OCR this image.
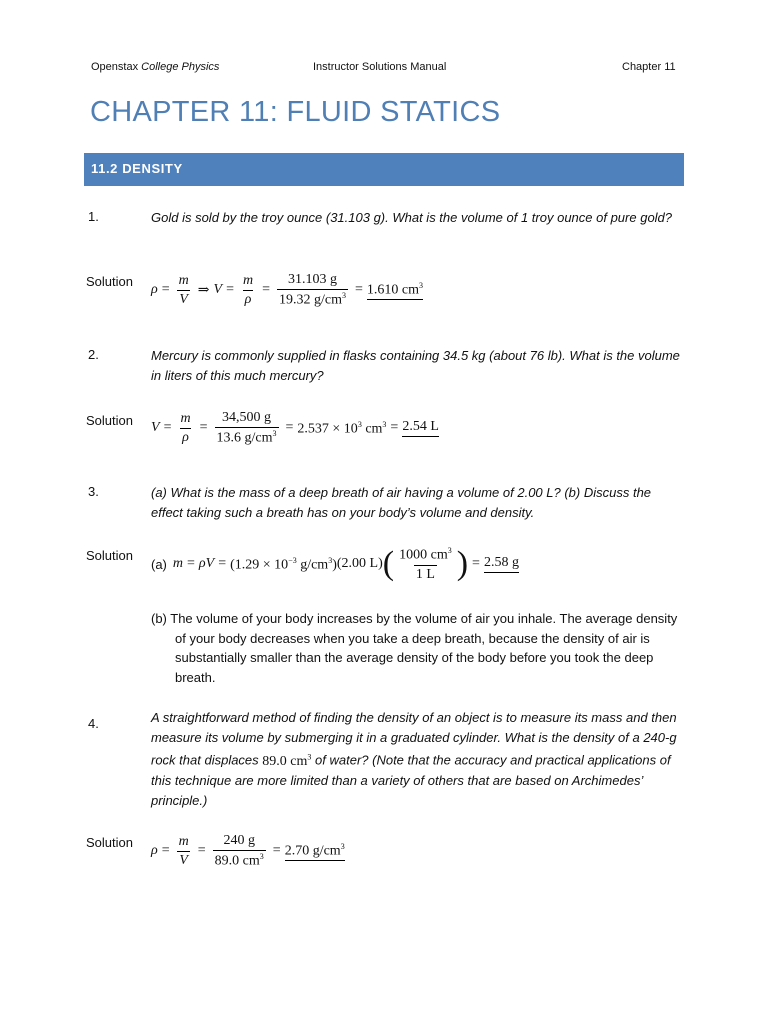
Openstax College Physics	Instructor Solutions Manual	Chapter 11
CHAPTER 11: FLUID STATICS
11.2 DENSITY
1.	Gold is sold by the troy ounce (31.103 g). What is the volume of 1 troy ounce of pure gold?
Solution
$\rho = \frac{m}{V}$ ⇒ $V = \frac{m}{\rho} = \frac{31.103 g}{19.32 g/cm^3} = 1.610$ $cm^3$
2.	Mercury is commonly supplied in flasks containing 34.5 kg (about 76 lb). What is the volume in liters of this much mercury?
Solution $V = \frac{m}{\rho} = \frac{34,500 g}{13.6 g/cm^3} = 2.537 \times 10^3$ $cm^3 = 2.54$ L
3.	(a) What is the mass of a deep breath of air having a volume of 2.00 L? (b) Discuss the effect taking such a breath has on your body’s volume and density.
Solution
(a) $m = \rho V = (1.29 \times 10^{-3}$ $g/cm^3$) (2.00 L) ( $\frac{1000 cm^3}{1 L}$ ) = 2.58 g
(b) The volume of your body increases by the volume of air you inhale. The average density of your body decreases when you take a deep breath, because the density of air is substantially smaller than the average density of the body before you took the deep breath.
4.	A straightforward method of finding the density of an object is to measure its mass and then measure its volume by submerging it in a graduated cylinder. What is the density of a 240-g rock that displaces 89.0 $cm^3$ of water? (Note that the accuracy and practical applications of this technique are more limited than a variety of others that are based on Archimedes’ principle.)
Solution
$\rho = \frac{m}{V} = \frac{240 g}{89.0 cm^3} = 2.70$ $g/cm^3$
